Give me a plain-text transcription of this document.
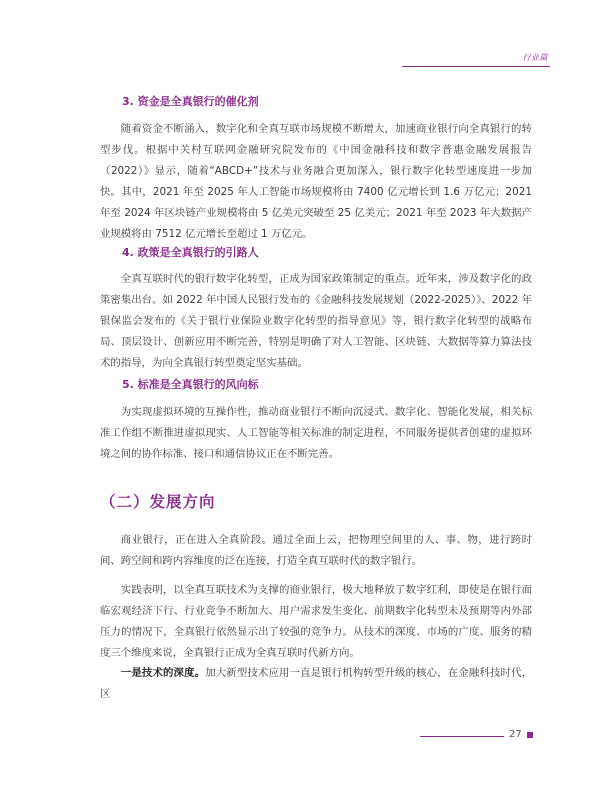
行业篇
3. 资金是全真银行的催化剂

随着资金不断涌入，数字化和全真互联市场规模不断增大，加速商业银行向全真银行的转型步伐。根据中关村互联网金融研究院发布的《中国金融科技和数字普惠金融发展报告（2022）》显示，随着“ABCD+”技术与业务融合更加深入，银行数字化转型速度进一步加快。其中，2021 年至 2025 年人工智能市场规模将由 7400 亿元增长到 1.6 万亿元；2021 年至 2024 年区块链产业规模将由 5 亿美元突破至 25 亿美元；2021 年至 2023 年大数据产业规模将由 7512 亿元增长至超过 1 万亿元。

4. 政策是全真银行的引路人

全真互联时代的银行数字化转型，正成为国家政策制定的重点。近年来，涉及数字化的政策密集出台。如 2022 年中国人民银行发布的《金融科技发展规划（2022-2025）》、2022 年银保监会发布的《关于银行业保险业数字化转型的指导意见》等，银行数字化转型的战略布局、顶层设计、创新应用不断完善，特别是明确了对人工智能、区块链、大数据等算力算法技术的指导，为向全真银行转型奠定坚实基础。

5. 标准是全真银行的风向标

为实现虚拟环境的互操作性，推动商业银行不断向沉浸式、数字化、智能化发展，相关标准工作组不断推进虚拟现实、人工智能等相关标准的制定进程，不同服务提供者创建的虚拟环境之间的协作标准、接口和通信协议正在不断完善。

（二）发展方向

商业银行，正在进入全真阶段。通过全面上云，把物理空间里的人、事、物，进行跨时间、跨空间和跨内容维度的泛在连接，打造全真互联时代的数字银行。

实践表明，以全真互联技术为支撑的商业银行，极大地释放了数字红利，即使是在银行面临宏观经济下行、行业竞争不断加大、用户需求发生变化、前期数字化转型未及预期等内外部压力的情况下，全真银行依然显示出了较强的竞争力。从技术的深度、市场的广度、服务的精度三个维度来说，全真银行正成为全真互联时代新方向。

一是技术的深度。加大新型技术应用一直是银行机构转型升级的核心，在金融科技时代，区

27
